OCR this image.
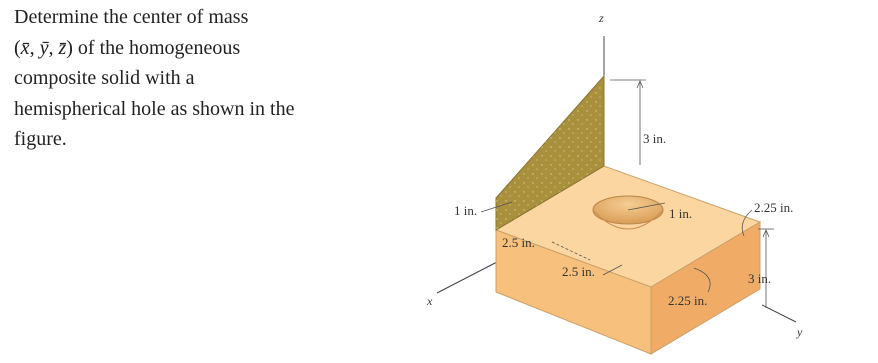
Determine the center of mass
(x̄, ȳ, z̄) of the homogeneous
composite solid with a
hemispherical hole as shown in the
figure.
z
x
y
3 in.
1 in.	1 in.
2.5 in.
2.5 in.
2.25 in.
3 in.
2.25 in.
